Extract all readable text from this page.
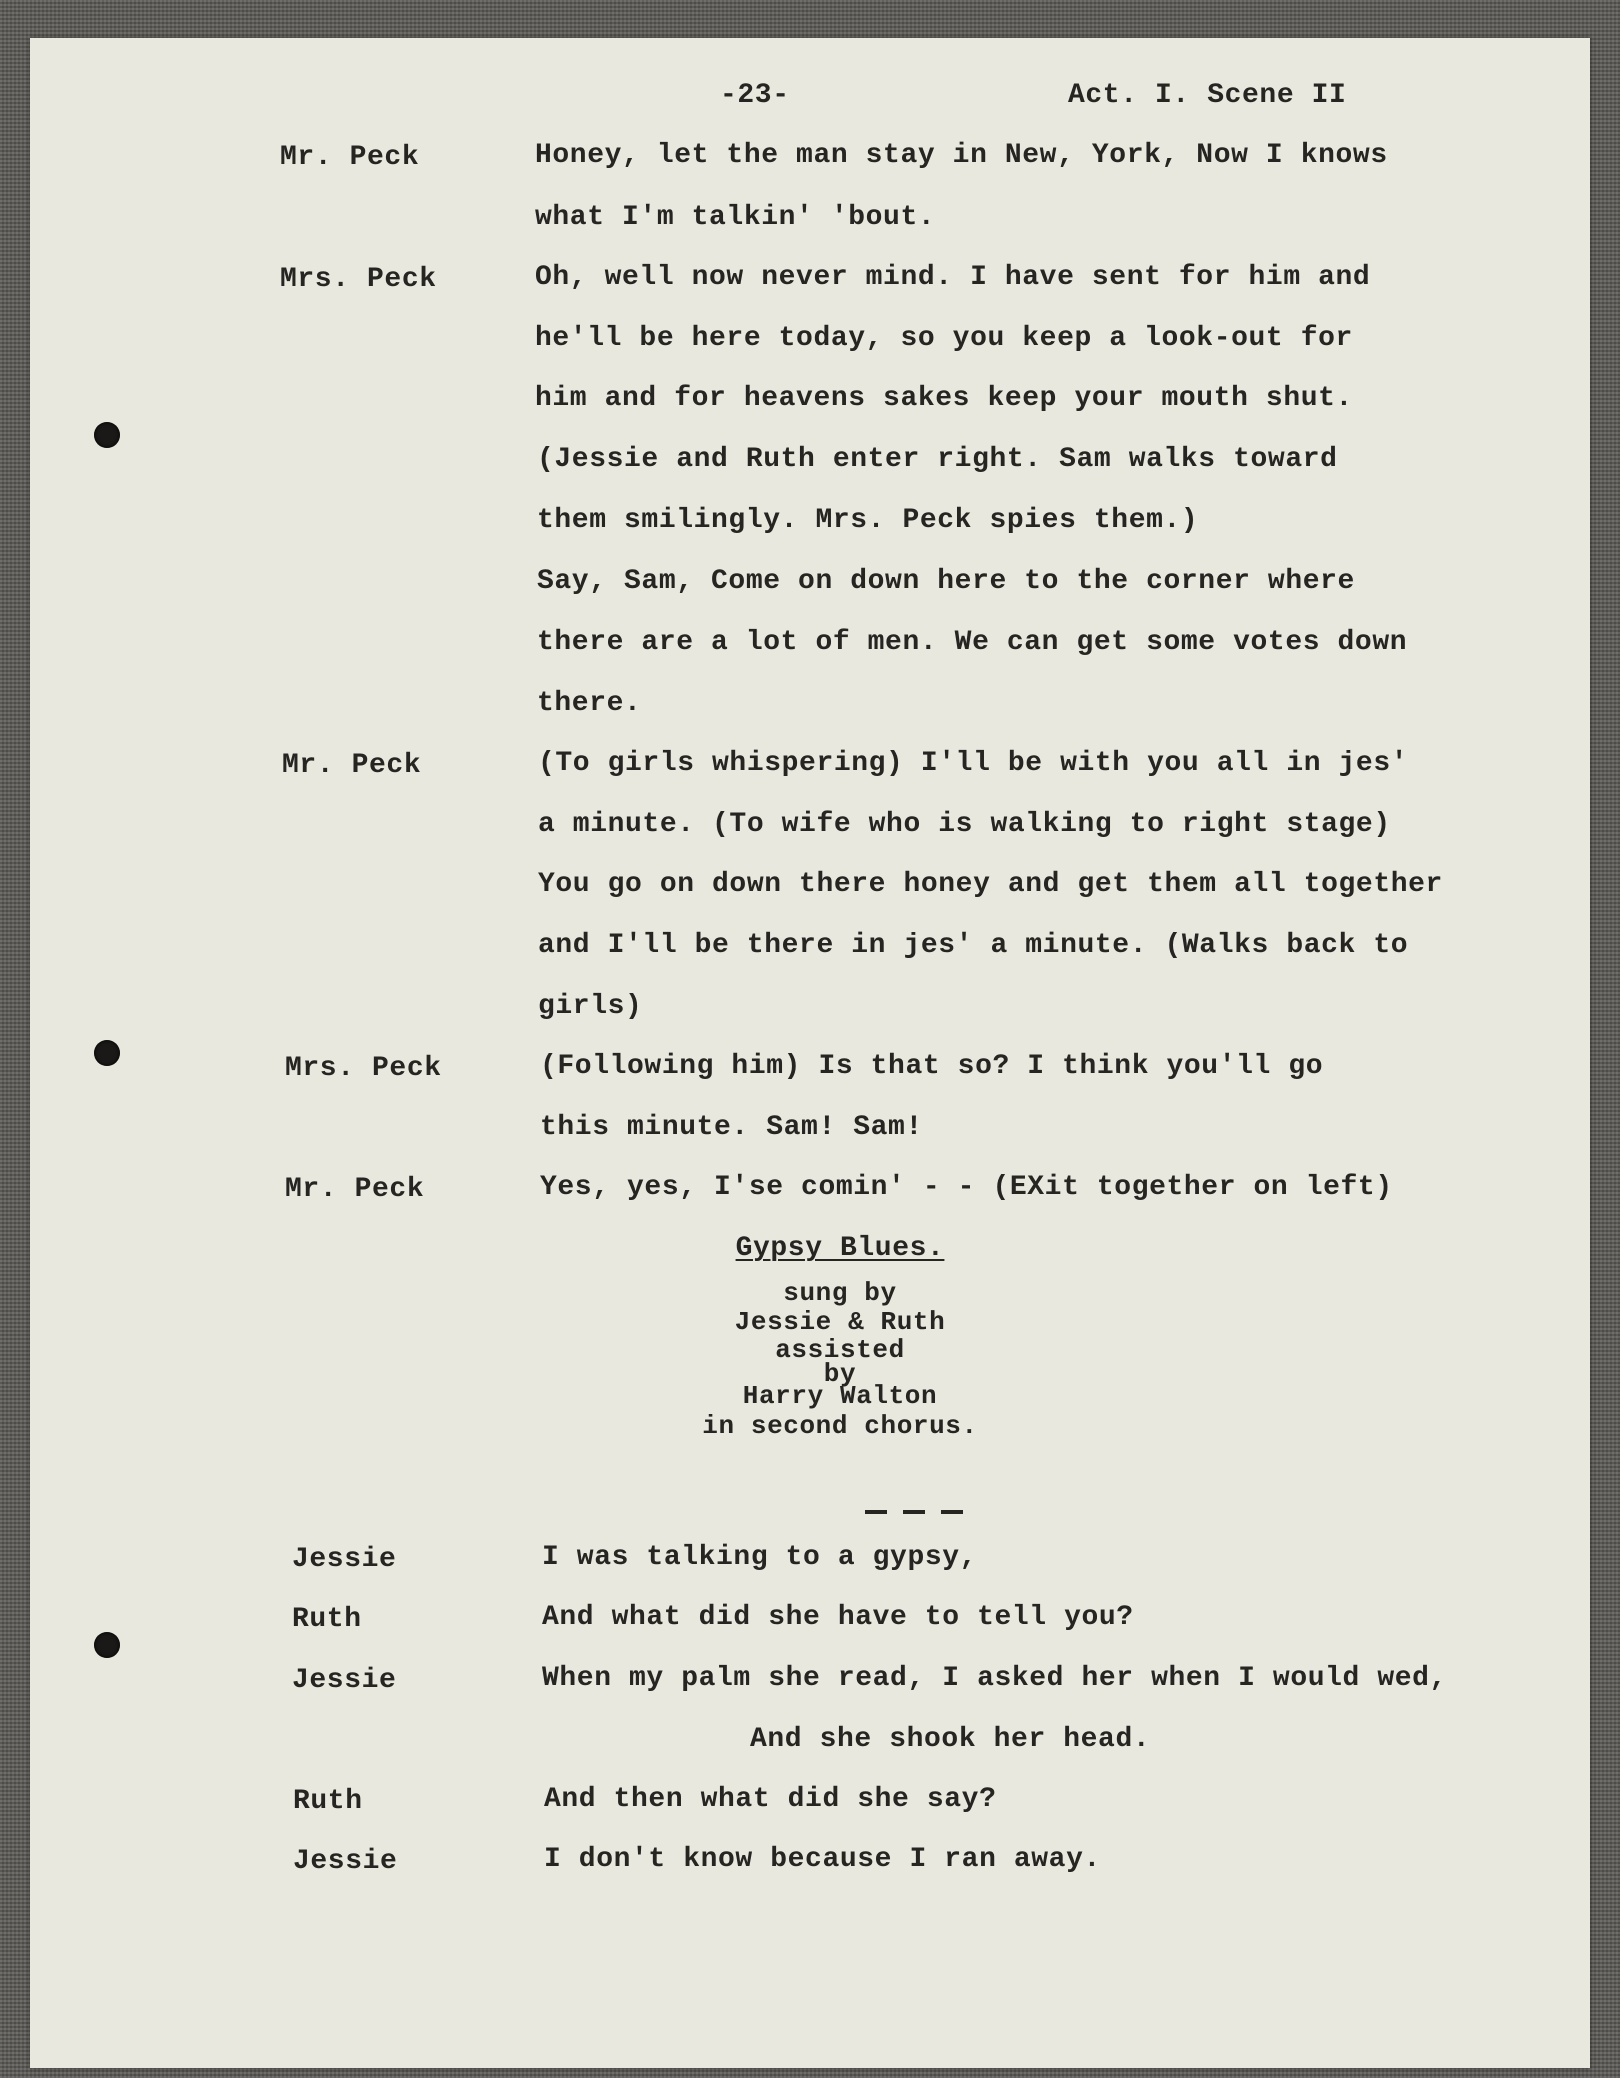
-23-	Act. I. Scene II
Mr. Peck	Honey, let the man stay in New, York, Now I knows
what I'm talkin' 'bout.
Mrs. Peck	Oh, well now never mind. I have sent for him and
he'll be here today, so you keep a look-out for
him and for heavens sakes keep your mouth shut.
(Jessie and Ruth enter right. Sam walks toward
them smilingly. Mrs. Peck spies them.)
Say, Sam, Come on down here to the corner where
there are a lot of men. We can get some votes down
there.
Mr. Peck	(To girls whispering) I'll be with you all in jes'
a minute. (To wife who is walking to right stage)
You go on down there honey and get them all together
and I'll be there in jes' a minute. (Walks back to
girls)
Mrs. Peck	(Following him) Is that so? I think you'll go
this minute. Sam! Sam!
Mr. Peck	Yes, yes, I'se comin' - - (EXit together on left)
Gypsy Blues.
sung by
Jessie & Ruth
assisted
by
Harry Walton
in second chorus.
Jessie	I was talking to a gypsy,
Ruth	And what did she have to tell you?
Jessie	When my palm she read, I asked her when I would wed,
And she shook her head.
Ruth	And then what did she say?
Jessie	I don't know because I ran away.
